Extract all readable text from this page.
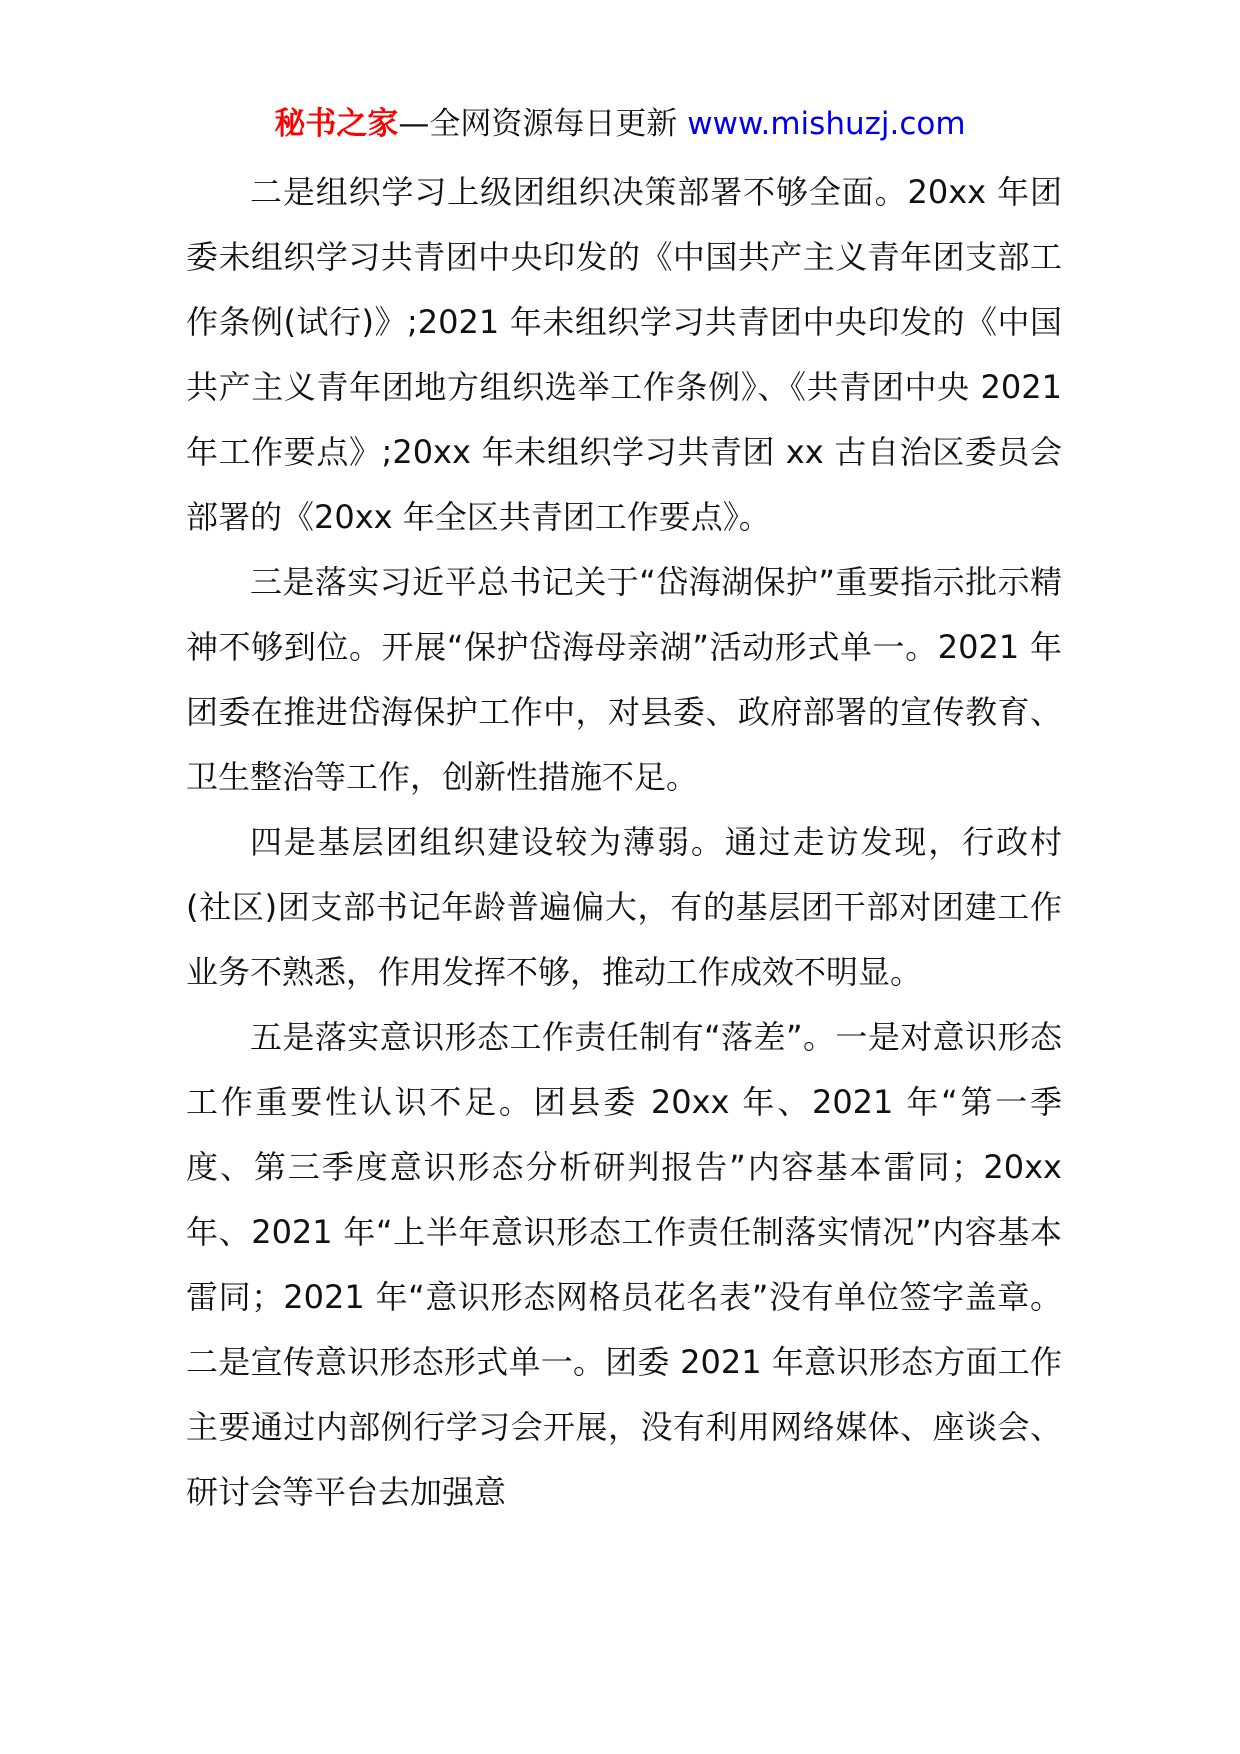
秘书之家—全网资源每日更新 www.mishuzj.com

二是组织学习上级团组织决策部署不够全面。20xx 年团委未组织学习共青团中央印发的《中国共产主义青年团支部工作条例(试行)》;2021 年未组织学习共青团中央印发的《中国共产主义青年团地方组织选举工作条例》、《共青团中央 2021 年工作要点》;20xx 年未组织学习共青团 xx 古自治区委员会部署的《20xx 年全区共青团工作要点》。

三是落实习近平总书记关于“岱海湖保护”重要指示批示精神不够到位。开展“保护岱海母亲湖”活动形式单一。2021 年团委在推进岱海保护工作中，对县委、政府部署的宣传教育、卫生整治等工作，创新性措施不足。

四是基层团组织建设较为薄弱。通过走访发现，行政村(社区)团支部书记年龄普遍偏大，有的基层团干部对团建工作业务不熟悉，作用发挥不够，推动工作成效不明显。

五是落实意识形态工作责任制有“落差”。一是对意识形态工作重要性认识不足。团县委 20xx 年、2021 年“第一季度、第三季度意识形态分析研判报告”内容基本雷同；20xx 年、2021 年“上半年意识形态工作责任制落实情况”内容基本雷同；2021 年“意识形态网格员花名表”没有单位签字盖章。二是宣传意识形态形式单一。团委 2021 年意识形态方面工作主要通过内部例行学习会开展，没有利用网络媒体、座谈会、研讨会等平台去加强意
